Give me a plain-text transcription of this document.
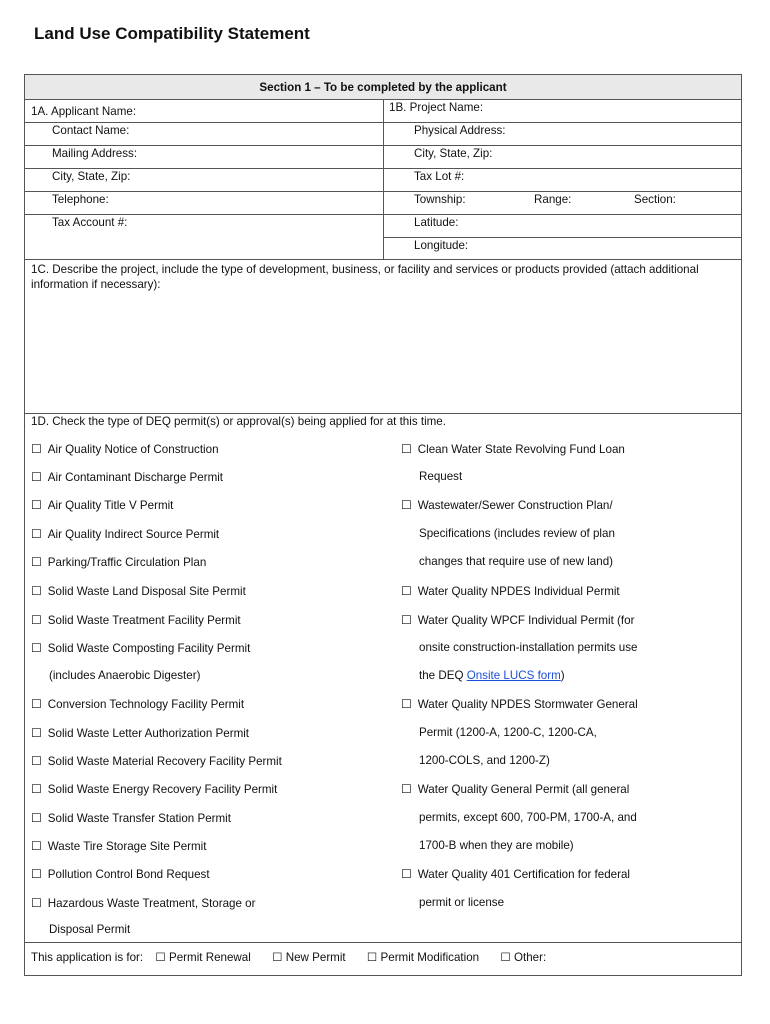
Land Use Compatibility Statement
Section 1 – To be completed by the applicant
1A. Applicant Name:
Contact Name:
Mailing Address:
City, State, Zip:
Telephone:
Tax Account #:
1B. Project Name:
Physical Address:
City, State, Zip:
Tax Lot #:
Township:	Range:	Section:
Latitude:
Longitude:
1C. Describe the project, include the type of development, business, or facility and services or products provided (attach additional information if necessary):
1D. Check the type of DEQ permit(s) or approval(s) being applied for at this time.
☐ Air Quality Notice of Construction
☐ Air Contaminant Discharge Permit
☐ Air Quality Title V Permit
☐ Air Quality Indirect Source Permit
☐ Parking/Traffic Circulation Plan
☐ Solid Waste Land Disposal Site Permit
☐ Solid Waste Treatment Facility Permit
☐ Solid Waste Composting Facility Permit
(includes Anaerobic Digester)
☐ Conversion Technology Facility Permit
☐ Solid Waste Letter Authorization Permit
☐ Solid Waste Material Recovery Facility Permit
☐ Solid Waste Energy Recovery Facility Permit
☐ Solid Waste Transfer Station Permit
☐ Waste Tire Storage Site Permit
☐ Pollution Control Bond Request
☐ Hazardous Waste Treatment, Storage or
Disposal Permit
☐ Clean Water State Revolving Fund Loan
Request
☐ Wastewater/Sewer Construction Plan/
Specifications (includes review of plan
changes that require use of new land)
☐ Water Quality NPDES Individual Permit
☐ Water Quality WPCF Individual Permit (for
onsite construction-installation permits use
the DEQ Onsite LUCS form)
☐ Water Quality NPDES Stormwater General
Permit (1200-A, 1200-C, 1200-CA,
1200-COLS, and 1200-Z)
☐ Water Quality General Permit (all general
permits, except 600, 700-PM, 1700-A, and
1700-B when they are mobile)
☐ Water Quality 401 Certification for federal
permit or license
This application is for: ☐ Permit Renewal ☐ New Permit ☐ Permit Modification ☐ Other:
